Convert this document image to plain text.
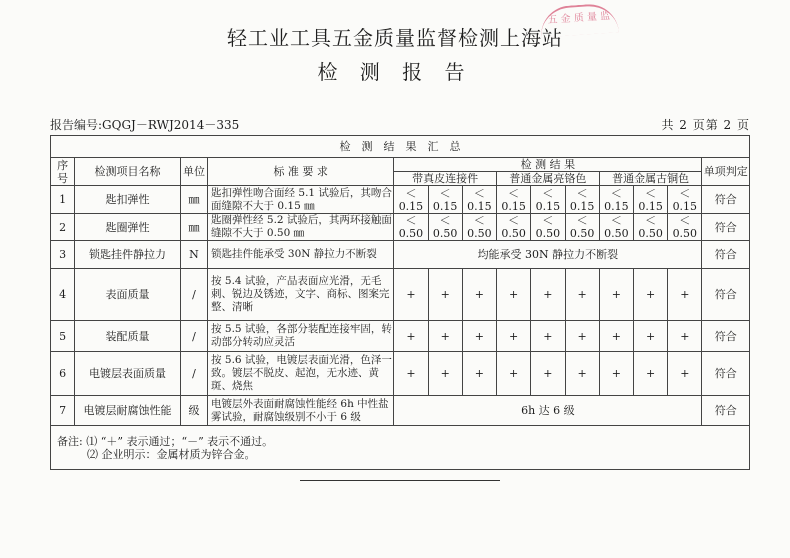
五 金 质 量 监
轻工业工具五金质量监督检测上海站
检 测 报 告
报告编号:GQGJ－RWJ2014－335	共 2 页第 2 页
检　测　结　果　汇　总													
序号	检测项目名称	单位	标 准 要 求	检 测 结 果									单项判定
				带真皮连接件			普通金属亮铬色			普通金属古铜色			
1	匙扣弹性	㎜	匙扣弹性吻合面经 5.1 试验后，其吻合面缝隙不大于 0.15 ㎜	＜0.15	＜0.15	＜0.15	＜0.15	＜0.15	＜0.15	＜0.15	＜0.15	＜0.15	符合
2	匙圈弹性	㎜	匙圈弹性经 5.2 试验后，其两环接触面缝隙不大于 0.50 ㎜	＜0.50	＜0.50	＜0.50	＜0.50	＜0.50	＜0.50	＜0.50	＜0.50	＜0.50	符合
3	锁匙挂件静拉力	N	锁匙挂件能承受 30N 静拉力不断裂	均能承受 30N 静拉力不断裂									符合
4	表面质量	/	按 5.4 试验，产品表面应光滑，无毛刺、锐边及锈迹，文字、商标、图案完整、清晰	+	+	+	+	+	+	+	+	+	符合
5	装配质量	/	按 5.5 试验，各部分装配连接牢固，转动部分转动应灵活	+	+	+	+	+	+	+	+	+	符合
6	电镀层表面质量	/	按 5.6 试验，电镀层表面光滑，色泽一致。镀层不脱皮、起泡，无水迹、黄斑、烧焦	+	+	+	+	+	+	+	+	+	符合
7	电镀层耐腐蚀性能	级	电镀层外表面耐腐蚀性能经 6h 中性盐雾试验，耐腐蚀级别不小于 6 级	6h 达 6 级									符合

备注: ⑴ “＋” 表示通过；“－” 表示不通过。
⑵ 企业明示：金属材质为锌合金。													
